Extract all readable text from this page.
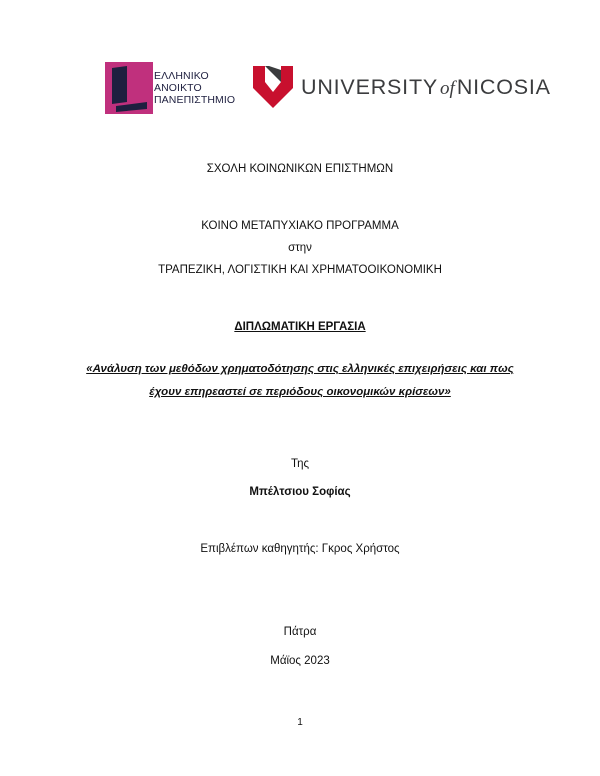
ΕΛΛΗΝΙΚΟ
ΑΝΟΙΚΤΟ
ΠΑΝΕΠΙΣΤΗΜΙΟ
UNIVERSITY ofNICOSIA
ΣΧΟΛΗ ΚΟΙΝΩΝΙΚΩΝ ΕΠΙΣΤΗΜΩΝ
ΚΟΙΝΟ ΜΕΤΑΠΥΧΙΑΚΟ ΠΡΟΓΡΑΜΜΑ
στην
ΤΡΑΠΕΖΙΚΗ, ΛΟΓΙΣΤΙΚΗ ΚΑΙ ΧΡΗΜΑΤΟΟΙΚΟΝΟΜΙΚΗ
ΔΙΠΛΩΜΑΤΙΚΗ ΕΡΓΑΣΙΑ
«Ανάλυση των μεθόδων χρηματοδότησης στις ελληνικές επιχειρήσεις και πως
έχουν επηρεαστεί σε περιόδους οικονομικών κρίσεων»
Της
Μπέλτσιου Σοφίας
Επιβλέπων καθηγητής: Γκρος Χρήστος
Πάτρα
Μάϊος 2023
1
